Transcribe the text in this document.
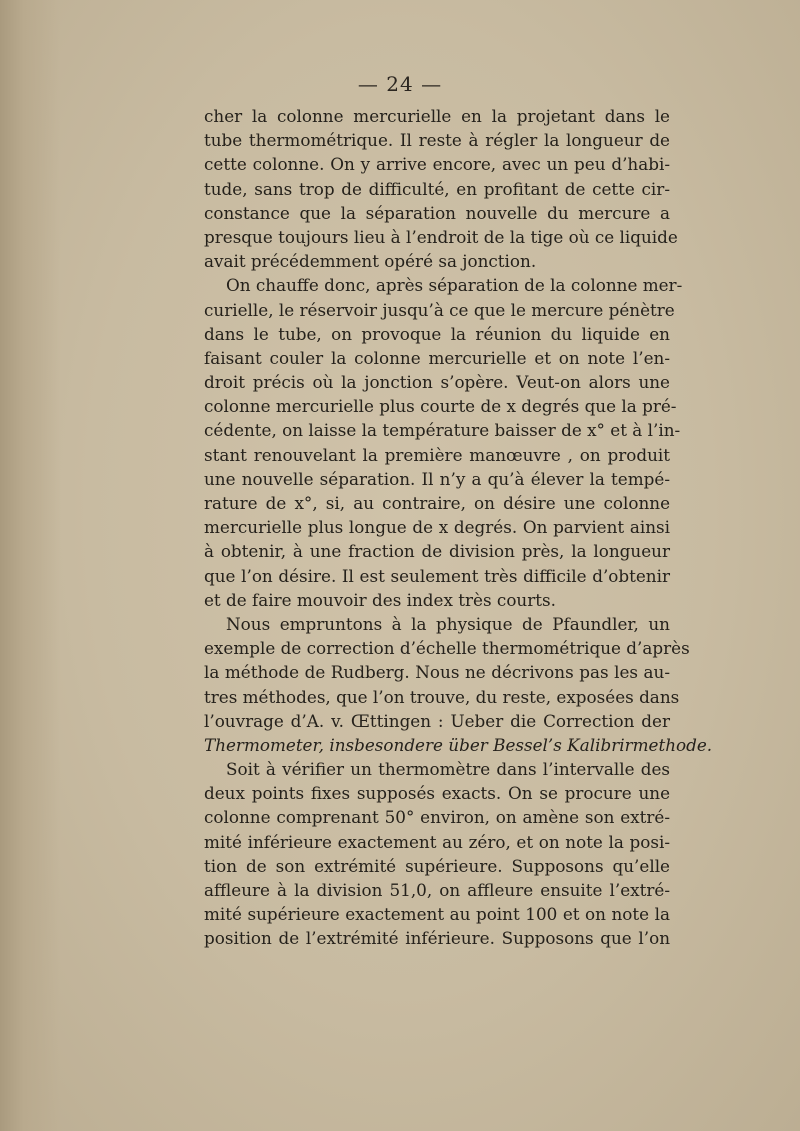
— 24 —
cher la colonne mercurielle en la projetant dans le
tube thermométrique. Il reste à régler la longueur de
cette colonne. On y arrive encore, avec un peu d’habi-
tude, sans trop de difficulté, en profitant de cette cir-
constance que la séparation nouvelle du mercure a
presque toujours lieu à l’endroit de la tige où ce liquide
avait précédemment opéré sa jonction.
On chauffe donc, après séparation de la colonne mer-
curielle, le réservoir jusqu’à ce que le mercure pénètre
dans le tube, on provoque la réunion du liquide en
faisant couler la colonne mercurielle et on note l’en-
droit précis où la jonction s’opère. Veut-on alors une
colonne mercurielle plus courte de x degrés que la pré-
cédente, on laisse la température baisser de x° et à l’in-
stant renouvelant la première manœuvre , on produit
une nouvelle séparation. Il n’y a qu’à élever la tempé-
rature de x°, si, au contraire, on désire une colonne
mercurielle plus longue de x degrés. On parvient ainsi
à obtenir, à une fraction de division près, la longueur
que l’on désire. Il est seulement très difficile d’obtenir
et de faire mouvoir des index très courts.
Nous empruntons à la physique de Pfaundler, un
exemple de correction d’échelle thermométrique d’après
la méthode de Rudberg. Nous ne décrivons pas les au-
tres méthodes, que l’on trouve, du reste, exposées dans
l’ouvrage d’A. v. Œttingen : Ueber die Correction der
Thermometer, insbesondere über Bessel’s Kalibrirmethode.
Soit à vérifier un thermomètre dans l’intervalle des
deux points fixes supposés exacts. On se procure une
colonne comprenant 50° environ, on amène son extré-
mité inférieure exactement au zéro, et on note la posi-
tion de son extrémité supérieure. Supposons qu’elle
affleure à la division 51,0, on affleure ensuite l’extré-
mité supérieure exactement au point 100 et on note la
position de l’extrémité inférieure. Supposons que l’on
